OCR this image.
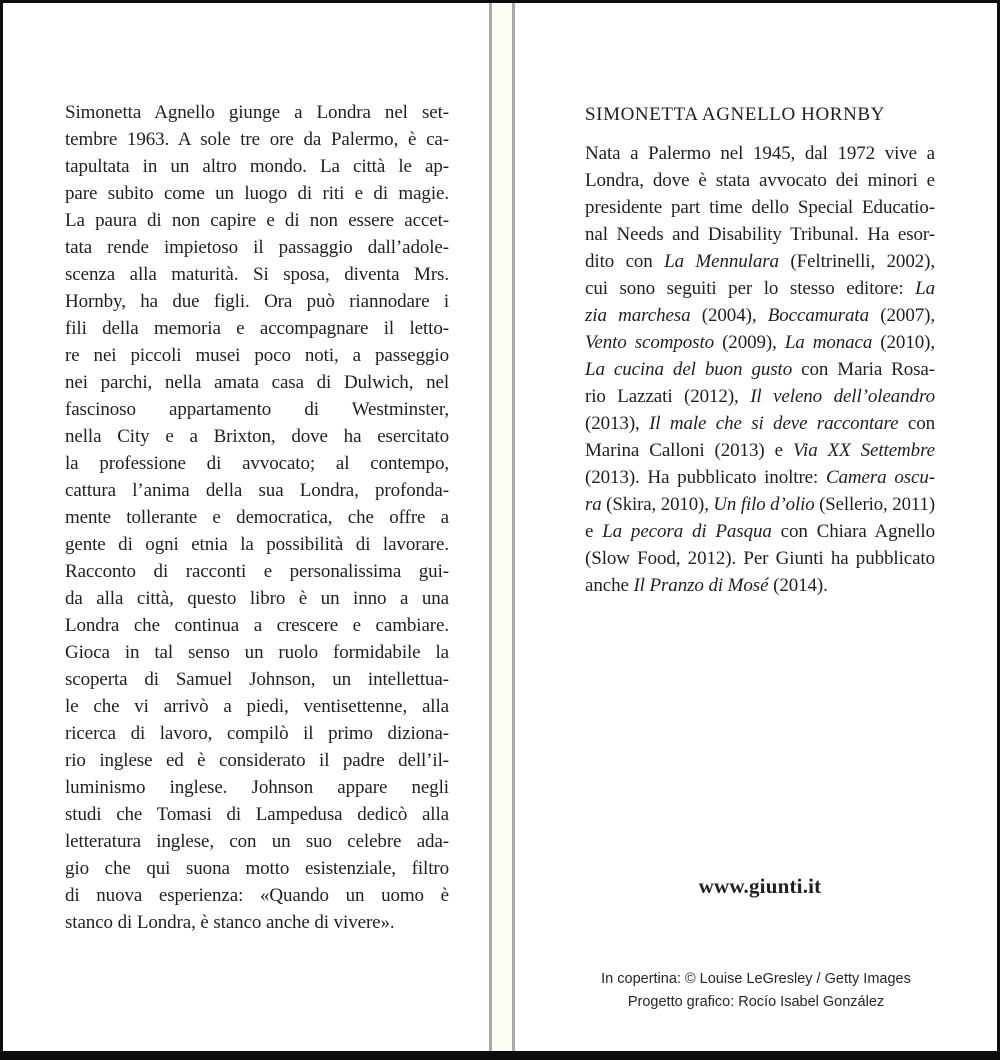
Simonetta Agnello giunge a Londra nel set-
tembre 1963. A sole tre ore da Palermo, è ca-
tapultata in un altro mondo. La città le ap-
pare subito come un luogo di riti e di magie.
La paura di non capire e di non essere accet-
tata rende impietoso il passaggio dall’adole-
scenza alla maturità. Si sposa, diventa Mrs.
Hornby, ha due figli. Ora può riannodare i
fili della memoria e accompagnare il letto-
re nei piccoli musei poco noti, a passeggio
nei parchi, nella amata casa di Dulwich, nel
fascinoso appartamento di Westminster,
nella City e a Brixton, dove ha esercitato
la professione di avvocato; al contempo,
cattura l’anima della sua Londra, profonda-
mente tollerante e democratica, che offre a
gente di ogni etnia la possibilità di lavorare.
Racconto di racconti e personalissima gui-
da alla città, questo libro è un inno a una
Londra che continua a crescere e cambiare.
Gioca in tal senso un ruolo formidabile la
scoperta di Samuel Johnson, un intellettua-
le che vi arrivò a piedi, ventisettenne, alla
ricerca di lavoro, compilò il primo diziona-
rio inglese ed è considerato il padre dell’il-
luminismo inglese. Johnson appare negli
studi che Tomasi di Lampedusa dedicò alla
letteratura inglese, con un suo celebre ada-
gio che qui suona motto esistenziale, filtro
di nuova esperienza: «Quando un uomo è
stanco di Londra, è stanco anche di vivere».
SIMONETTA AGNELLO HORNBY
Nata a Palermo nel 1945, dal 1972 vive a
Londra, dove è stata avvocato dei minori e
presidente part time dello Special Educatio-
nal Needs and Disability Tribunal. Ha esor-
dito con La Mennulara (Feltrinelli, 2002),
cui sono seguiti per lo stesso editore: La
zia marchesa (2004), Boccamurata (2007),
Vento scomposto (2009), La monaca (2010),
La cucina del buon gusto con Maria Rosa-
rio Lazzati (2012), Il veleno dell’oleandro
(2013), Il male che si deve raccontare con
Marina Calloni (2013) e Via XX Settembre
(2013). Ha pubblicato inoltre: Camera oscu-
ra (Skira, 2010), Un filo d’olio (Sellerio, 2011)
e La pecora di Pasqua con Chiara Agnello
(Slow Food, 2012). Per Giunti ha pubblicato
anche Il Pranzo di Mosé (2014).
www.giunti.it
In copertina: © Louise LeGresley / Getty Images
Progetto grafico: Rocío Isabel González
